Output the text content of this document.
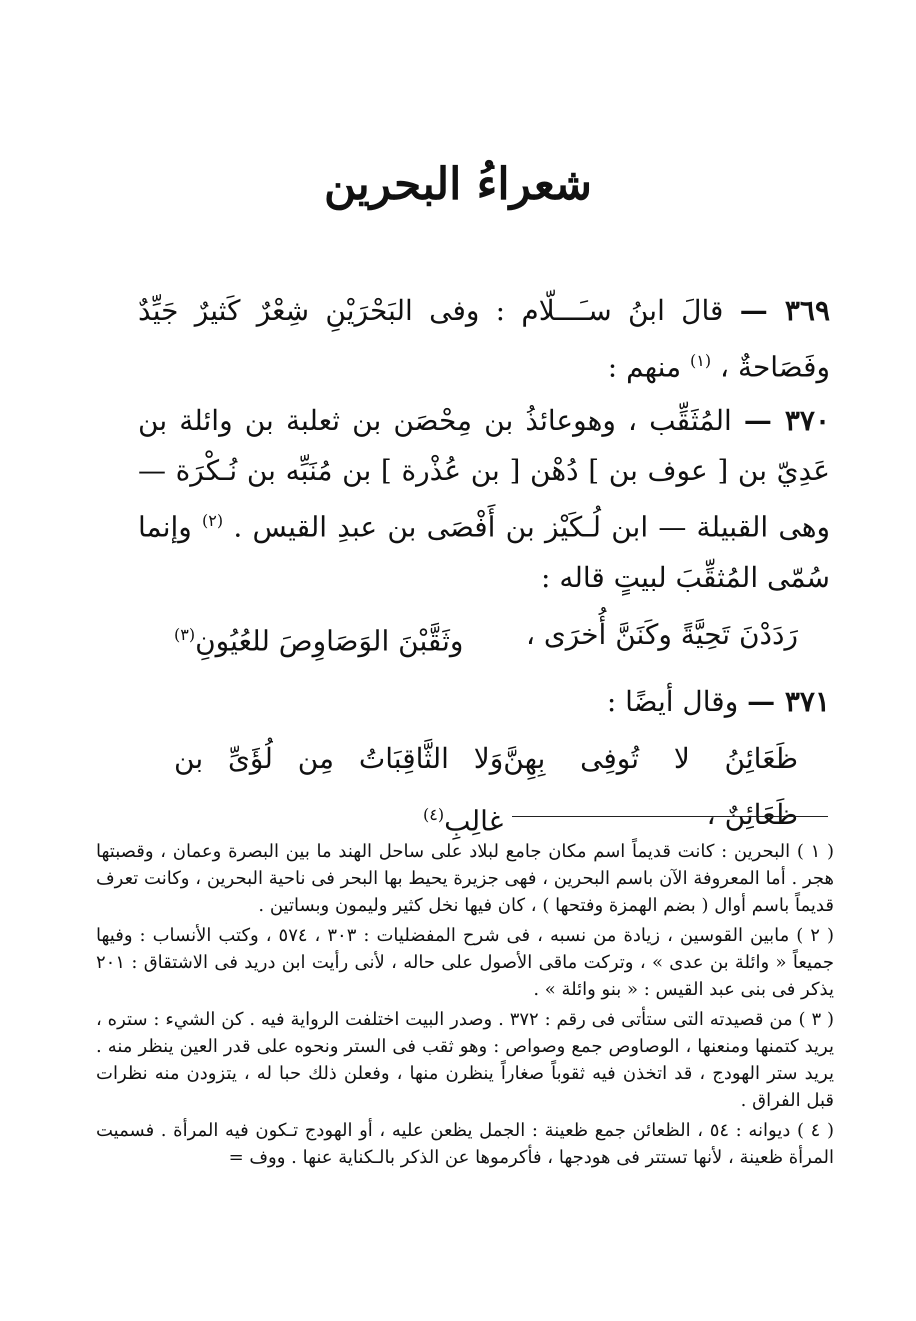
شعراءُ البحرين

٣٦٩ — قالَ ابنُ سـَـــلّام : وفى البَحْرَيْنِ شِعْرٌ كَثيرٌ جَيِّدٌ وفَصَاحةٌ ، $^{(١)}$ منهم :

٣٧٠ — المُثَقِّب ، وهوعائذُ بن مِحْصَن بن ثعلبة بن وائلة بن عَدِيّ بن [ عوف بن ] دُهْن [ بن عُذْرة ] بن مُنَبِّه بن نُـكْرَة — وهى القبيلة — ابن لُـكَيْز بن أَفْصَى بن عبدِ القيس . $^{(٢)}$ وإنما سُمّى المُثقِّبَ لبيتٍ قاله :

رَدَدْنَ تَحِيَّةً وكَنَنَّ أُخرَى ،
وثَقَّبْنَ الوَصَاوِصَ للعُيُونِ$^{(٣)}$

٣٧١ — وقال أيضًا :

ظَعَائِنُ لا تُوفِى بِهِنَّ ظَعَائِنٌ ،
وَلا الثَّاقِبَاتُ مِن لُؤَىِّ بن غالِبِ$^{(٤)}$

( ١ ) البحرين : كانت قديماً اسم مكان جامع لبلاد على ساحل الهند ما بين البصرة وعمان ، وقصبتها هجر . أما المعروفة الآن باسم البحرين ، فهى جزيرة يحيط بها البحر فى ناحية البحرين ، وكانت تعرف قديماً باسم أوال ( بضم الهمزة وفتحها ) ، كان فيها نخل كثير وليمون وبساتين .

( ٢ ) مابين القوسين ، زيادة من نسبه ، فى شرح المفضليات : ٣٠٣ ، ٥٧٤ ، وكتب الأنساب : وفيها جميعاً « وائلة بن عدى » ، وتركت ماقى الأصول على حاله ، لأنى رأيت ابن دريد فى الاشتقاق : ٢٠١ يذكر فى بنى عبد القيس : « بنو وائلة » .

( ٣ ) من قصيدته التى ستأتى فى رقم : ٣٧٢ . وصدر البيت اختلفت الرواية فيه . كن الشيء : ستره ، يريد كتمنها ومنعنها ، الوصاوص جمع وصواص : وهو ثقب فى الستر ونحوه على قدر العين ينظر منه . يريد ستر الهودج ، قد اتخذن فيه ثقوباً صغاراً ينظرن منها ، وفعلن ذلك حبا له ، يتزودن منه نظرات قبل الفراق .

( ٤ ) ديوانه : ٥٤ ، الظعائن جمع ظعينة : الجمل يظعن عليه ، أو الهودج تـكون فيه المرأة . فسميت المرأة ظعينة ، لأنها تستتر فى هودجها ، فأكرموها عن الذكر بالـكناية عنها . ووف =
